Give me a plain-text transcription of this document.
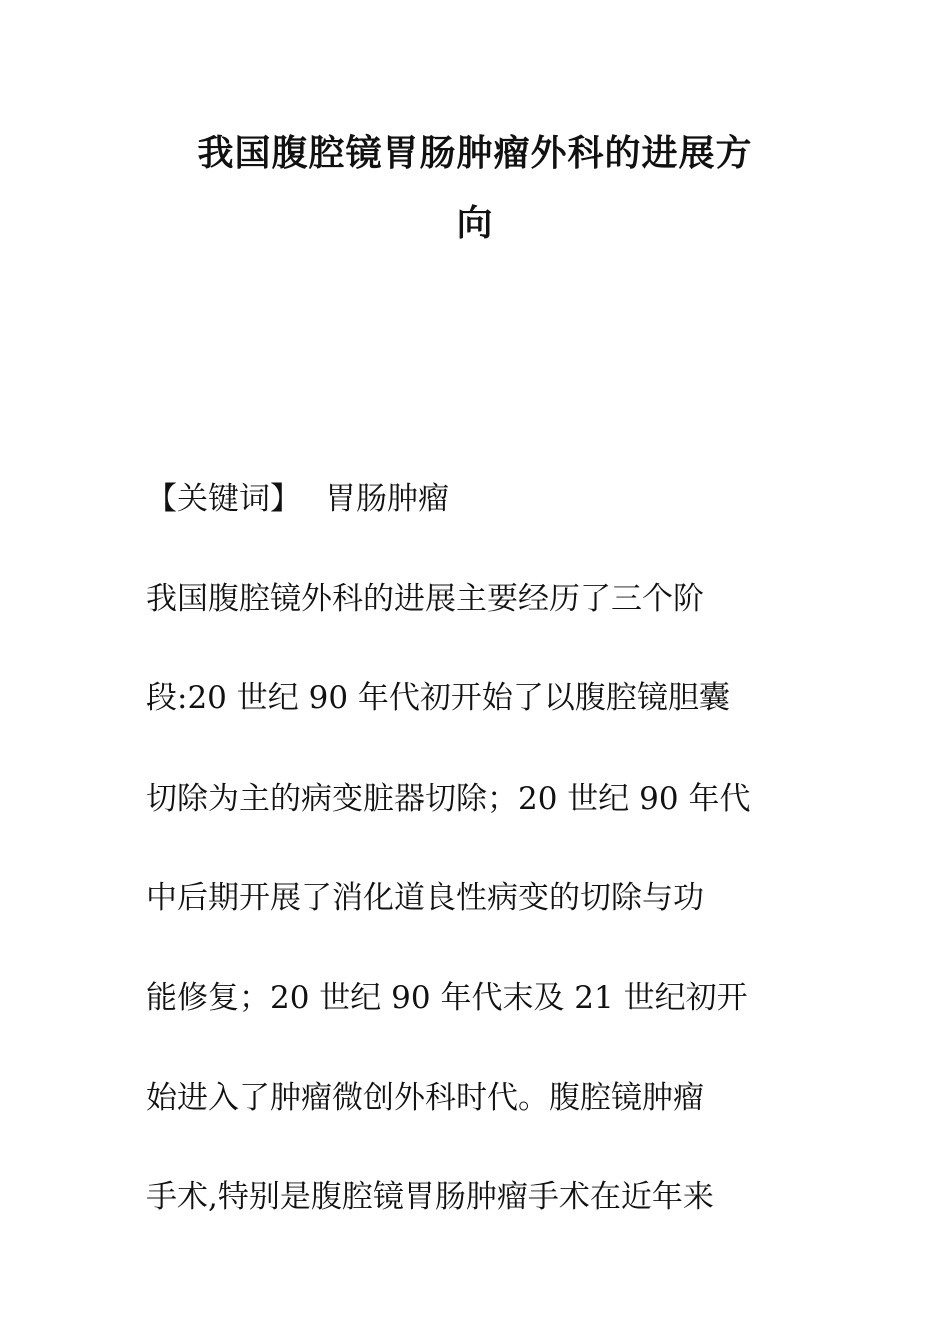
我国腹腔镜胃肠肿瘤外科的进展方
向
【关键词】 胃肠肿瘤
我国腹腔镜外科的进展主要经历了三个阶
段:20 世纪 90 年代初开始了以腹腔镜胆囊
切除为主的病变脏器切除；20 世纪 90 年代
中后期开展了消化道良性病变的切除与功
能修复；20 世纪 90 年代末及 21 世纪初开
始进入了肿瘤微创外科时代。腹腔镜肿瘤
手术,特别是腹腔镜胃肠肿瘤手术在近年来
